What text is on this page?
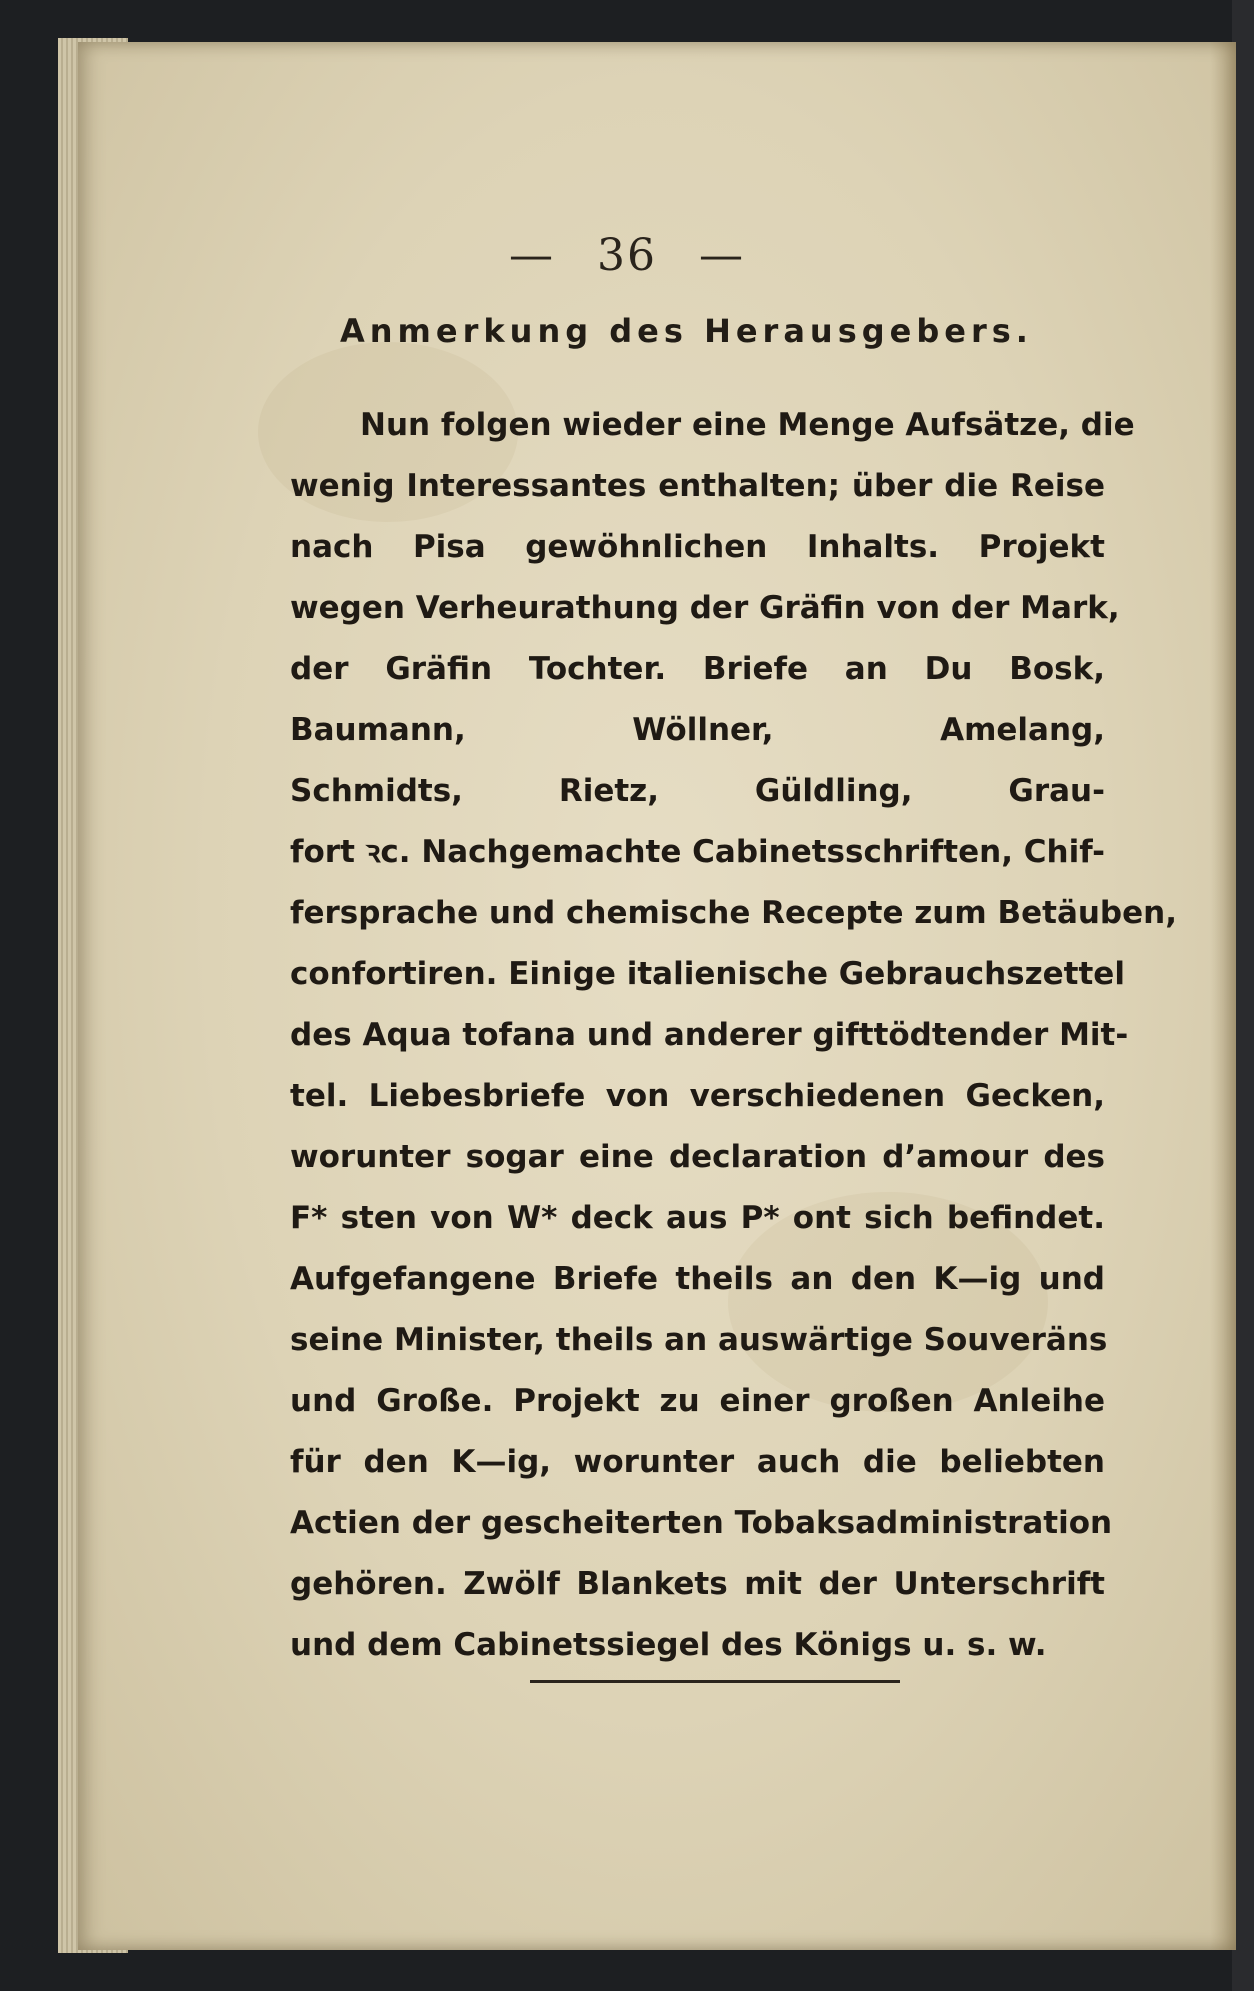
— 36 —
Anmerkung des Herausgebers.
Nun folgen wieder eine Menge Aufsätze, die
wenig Interessantes enthalten; über die Reise
nach Pisa gewöhnlichen Inhalts. Projekt
wegen Verheurathung der Gräfin von der Mark,
der Gräfin Tochter. Briefe an Du Bosk,
Baumann, Wöllner, Amelang,
Schmidts, Rietz, Güldling, Grau-
fort ꝛc. Nachgemachte Cabinetsschriften, Chif-
fersprache und chemische Recepte zum Betäuben,
confortiren. Einige italienische Gebrauchszettel
des Aqua tofana und anderer gifttödtender Mit-
tel. Liebesbriefe von verschiedenen Gecken,
worunter sogar eine declaration d’amour des
F* sten von W* deck aus P* ont sich befindet.
Aufgefangene Briefe theils an den K—ig und
seine Minister, theils an auswärtige Souveräns
und Große. Projekt zu einer großen Anleihe
für den K—ig, worunter auch die beliebten
Actien der gescheiterten Tobaksadministration
gehören. Zwölf Blankets mit der Unterschrift
und dem Cabinetssiegel des Königs u. s. w.
